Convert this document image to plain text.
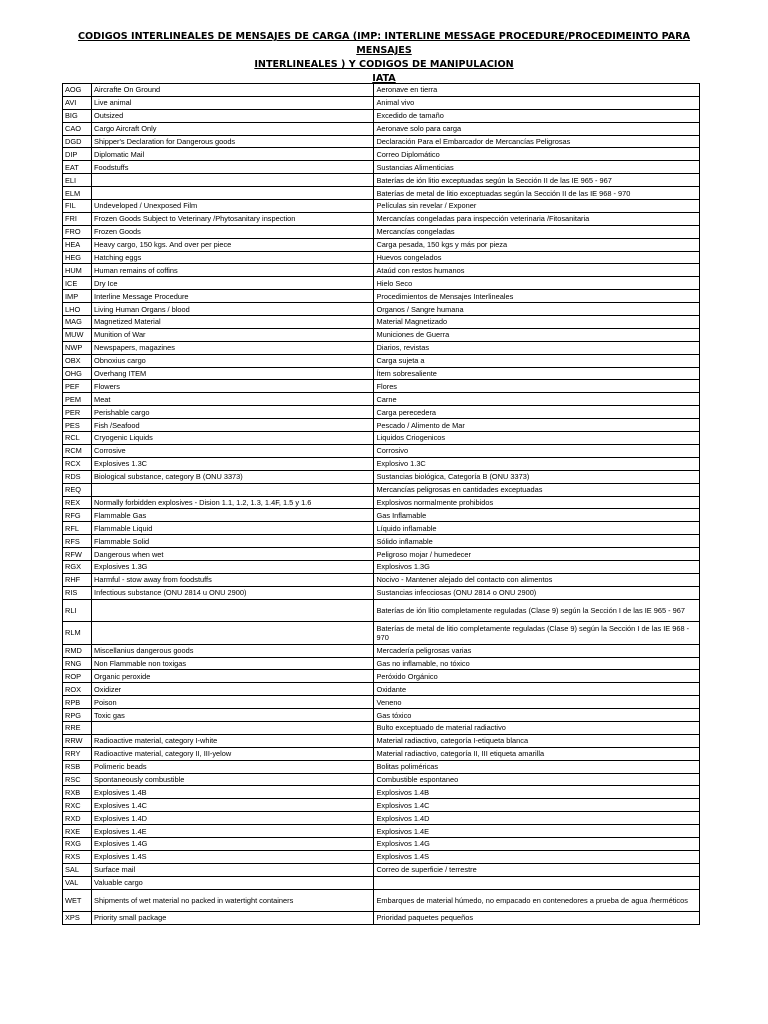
CODIGOS INTERLINEALES DE MENSAJES DE CARGA (IMP: INTERLINE MESSAGE PROCEDURE/PROCEDIMEINTO PARA MENSAJES
INTERLINEALES ) Y CODIGOS DE MANIPULACION
IATA
AOG	Aircrafte On Ground	Aeronave en tierra
AVI	Live animal	Animal vivo
BIG	Outsized	Excedido de tamaño
CAO	Cargo Aircraft Only	Aeronave solo para carga
DGD	Shipper's Declaration for Dangerous goods	Declaración Para el Embarcador de Mercancías Peligrosas
DIP	Diplomatic Mail	Correo Diplomático
EAT	Foodstuffs	Sustancias Alimenticias
ELI		Baterías de ión litio exceptuadas según la Sección II de las IE 965 - 967
ELM		Baterías de metal de litio exceptuadas según la Sección II de las IE 968 - 970
FIL	Undeveloped / Unexposed Film	Películas sin revelar / Exponer
FRI	Frozen Goods Subject to Veterinary /Phytosanitary inspection	Mercancías congeladas para inspección veterinaria /Fitosanitaria
FRO	Frozen Goods	Mercancías congeladas
HEA	Heavy cargo, 150 kgs. And over per piece	Carga pesada, 150 kgs y más por pieza
HEG	Hatching eggs	Huevos congelados
HUM	Human remains of coffins	Ataúd con restos humanos
ICE	Dry Ice	Hielo Seco
IMP	Interline Message Procedure	Procedimientos de Mensajes Interlineales
LHO	Living Human Organs / blood	Organos / Sangre humana
MAG	Magnetized Material	Material Magnetizado
MUW	Munition of War	Municiones de Guerra
NWP	Newspapers, magazines	Diarios, revistas
OBX	Obnoxius cargo	Carga sujeta a
OHG	Overhang ITEM	Ítem sobresaliente
PEF	Flowers	Flores
PEM	Meat	Carne
PER	Perishable cargo	Carga perecedera
PES	Fish /Seafood	Pescado / Alimento de Mar
RCL	Cryogenic Liquids	Liquidos Criogenicos
RCM	Corrosive	Corrosivo
RCX	Explosives 1.3C	Explosivo 1.3C
RDS	Biological substance, category B (ONU 3373)	Sustancias biológica, Categoría B (ONU 3373)
REQ		Mercancías peligrosas en cantidades exceptuadas
REX	Normally forbidden explosives - Dision 1.1, 1.2, 1.3, 1.4F, 1.5 y 1.6	Explosivos normalmente prohibidos
RFG	Flammable Gas	Gas Inflamable
RFL	Flammable Liquid	Líquido inflamable
RFS	Flammable Solid	Sólido inflamable
RFW	Dangerous when wet	Peligroso mojar / humedecer
RGX	Explosives 1.3G	Explosivos 1.3G
RHF	Harmful - stow away from foodstuffs	Nocivo - Mantener alejado del contacto con alimentos
RIS	Infectious substance (ONU 2814 u ONU 2900)	Sustancias infecciosas (ONU 2814 o ONU 2900)
RLI		Baterías de ión litio completamente reguladas (Clase 9) según la Sección I de las IE 965 - 967
RLM		Baterías de metal de litio completamente reguladas (Clase 9) según la Sección I de las IE 968 - 970
RMD	Miscellanius dangerous goods	Mercadería peligrosas varias
RNG	Non Flammable non toxigas	Gas no inflamable, no tóxico
ROP	Organic peroxide	Peróxido Orgánico
ROX	Oxidizer	Oxidante
RPB	Poison	Veneno
RPG	Toxic gas	Gas tóxico
RRE		Bulto exceptuado de material radiactivo
RRW	Radioactive material, category I-white	Material radiactivo, categoría I-etiqueta blanca
RRY	Radioactive material, category II, III-yelow	Material radiactivo, categoría II, III etiqueta amarilla
RSB	Polimeric beads	Bolitas poliméricas
RSC	Spontaneously combustible	Combustible espontaneo
RXB	Explosives 1.4B	Explosivos 1.4B
RXC	Explosives 1.4C	Explosivos 1.4C
RXD	Explosives 1.4D	Explosivos 1.4D
RXE	Explosives 1.4E	Explosivos 1.4E
RXG	Explosives 1.4G	Explosivos 1.4G
RXS	Explosives 1.4S	Explosivos 1.4S
SAL	Surface mail	Correo de superficie / terrestre
VAL	Valuable cargo	
WET	Shipments of wet material no packed in watertight containers	Embarques de material húmedo, no empacado en contenedores a prueba de agua /herméticos
XPS	Priority small package	Prioridad paquetes pequeños
